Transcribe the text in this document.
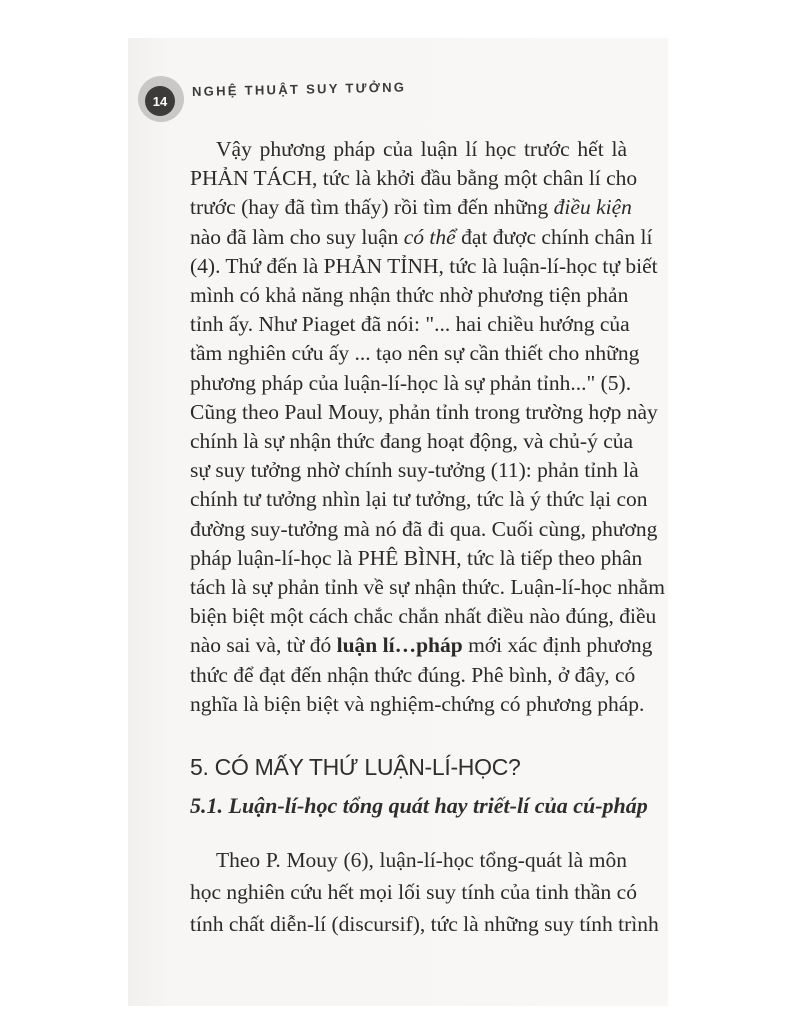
14
NGHỆ THUẬT SUY TƯỞNG
Vậy phương pháp của luận lí học trước hết là
PHẢN TÁCH, tức là khởi đầu bằng một chân lí cho
trước (hay đã tìm thấy) rồi tìm đến những điều kiện
nào đã làm cho suy luận có thể đạt được chính chân lí
(4). Thứ đến là PHẢN TỈNH, tức là luận-lí-học tự biết
mình có khả năng nhận thức nhờ phương tiện phản
tỉnh ấy. Như Piaget đã nói: "... hai chiều hướng của
tầm nghiên cứu ấy ... tạo nên sự cần thiết cho những
phương pháp của luận-lí-học là sự phản tỉnh..." (5).
Cũng theo Paul Mouy, phản tỉnh trong trường hợp này
chính là sự nhận thức đang hoạt động, và chủ-ý của
sự suy tưởng nhờ chính suy-tưởng (11): phản tỉnh là
chính tư tưởng nhìn lại tư tưởng, tức là ý thức lại con
đường suy-tưởng mà nó đã đi qua. Cuối cùng, phương
pháp luận-lí-học là PHÊ BÌNH, tức là tiếp theo phân
tách là sự phản tỉnh về sự nhận thức. Luận-lí-học nhằm
biện biệt một cách chắc chắn nhất điều nào đúng, điều
nào sai và, từ đó luận lí…pháp mới xác định phương
thức để đạt đến nhận thức đúng. Phê bình, ở đây, có
nghĩa là biện biệt và nghiệm-chứng có phương pháp.
5. CÓ MẤY THỨ LUẬN-LÍ-HỌC?
5.1. Luận-lí-học tổng quát hay triết-lí của cú-pháp
Theo P. Mouy (6), luận-lí-học tổng-quát là môn
học nghiên cứu hết mọi lối suy tính của tinh thần có
tính chất diễn-lí (discursif), tức là những suy tính trình
